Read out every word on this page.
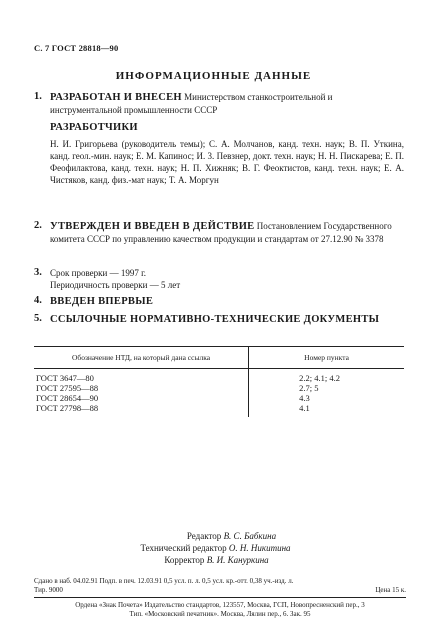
С. 7 ГОСТ 28818—90
ИНФОРМАЦИОННЫЕ ДАННЫЕ
1. РАЗРАБОТАН И ВНЕСЕН Министерством станкостроительной и инструментальной промышленности СССР
РАЗРАБОТЧИКИ
Н. И. Григорьева (руководитель темы); С. А. Молчанов, канд. техн. наук; В. П. Уткина, канд. геол.-мин. наук; Е. М. Капинос; И. 3. Певзнер, докт. техн. наук; Н. Н. Пискарева; Е. П. Феофилактова, канд. техн. наук; Н. П. Хижняк; В. Г. Феоктистов, канд. техн. наук; Е. А. Чистяков, канд. физ.-мат наук; Т. А. Моргун
2. УТВЕРЖДЕН И ВВЕДЕН В ДЕЙСТВИЕ Постановлением Государственного комитета СССР по управлению качеством продукции и стандартам от 27.12.90 № 3378
3. Срок проверки — 1997 г.
Периодичность проверки — 5 лет
4. ВВЕДЕН ВПЕРВЫЕ
5. ССЫЛОЧНЫЕ НОРМАТИВНО-ТЕХНИЧЕСКИЕ ДОКУМЕНТЫ
Обозначение НТД, на который дана ссылка	Номер пункта
ГОСТ 3647—80	2.2; 4.1; 4.2
ГОСТ 27595—88	2.7; 5
ГОСТ 28654—90	4.3
ГОСТ 27798—88	4.1
Редактор В. С. Бабкина
Технический редактор О. Н. Никитина
Корректор В. И. Кануркина
Сдано в наб. 04.02.91 Подп. в печ. 12.03.91 0,5 усл. п. л. 0,5 усл. кр.-отт. 0,38 уч.-изд. л.
Тир. 9000	Цена 15 к.
Ордена «Знак Почета» Издательство стандартов, 123557, Москва, ГСП, Новопресненский пер., 3
Тип. «Московский печатник». Москва, Лялин пер., 6. Зак. 95
